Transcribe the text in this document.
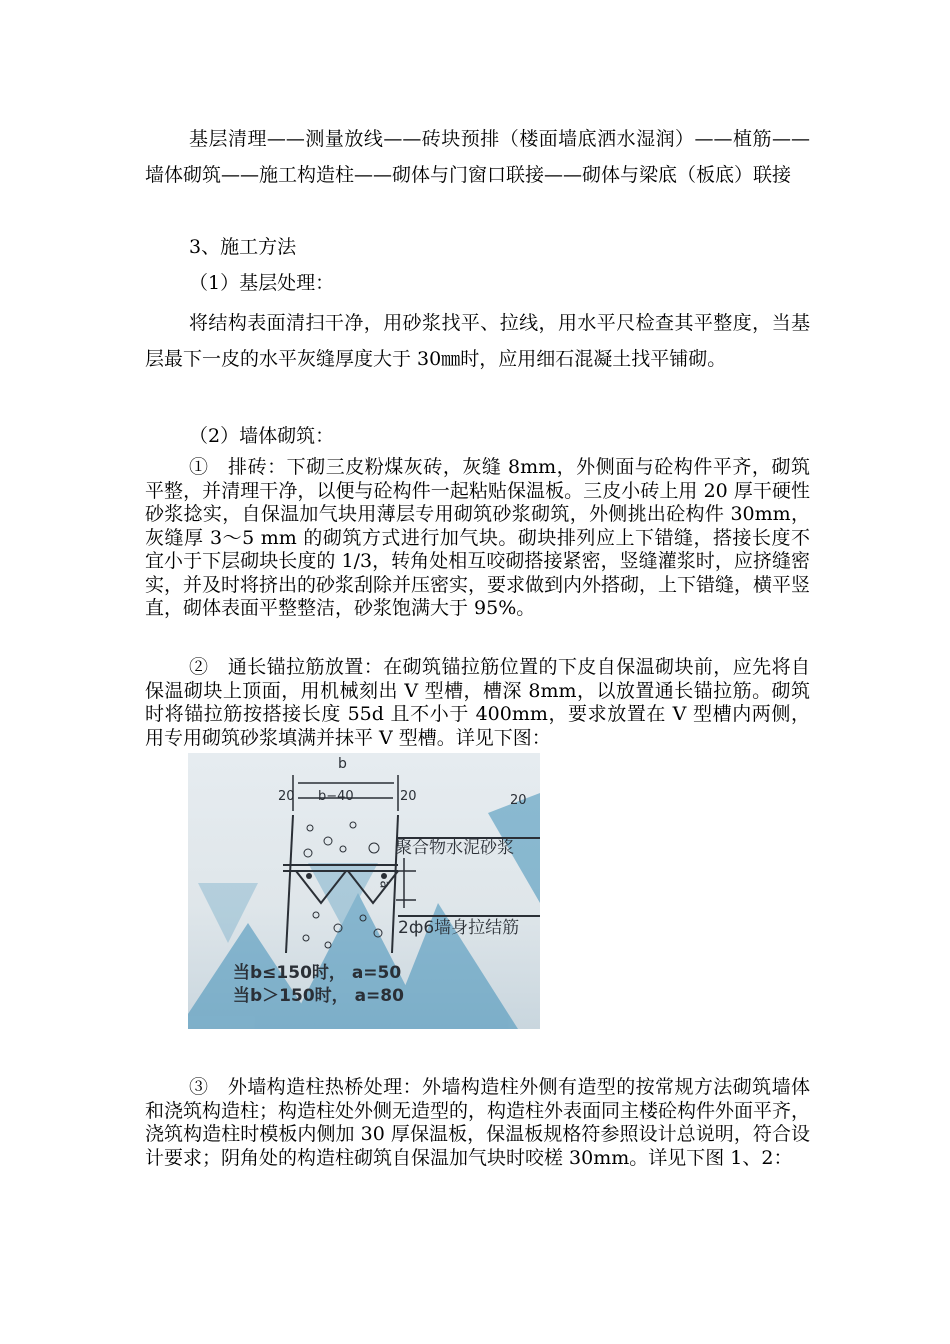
基层清理——测量放线——砖块预排（楼面墙底洒水湿润）——植筋——墙体砌筑——施工构造柱——砌体与门窗口联接——砌体与梁底（板底）联接

3、施工方法

（1）基层处理：

将结构表面清扫干净，用砂浆找平、拉线，用水平尺检查其平整度，当基层最下一皮的水平灰缝厚度大于 30㎜时，应用细石混凝土找平铺砌。

（2）墙体砌筑：

①　排砖：下砌三皮粉煤灰砖，灰缝 8mm，外侧面与砼构件平齐，砌筑平整，并清理干净，以便与砼构件一起粘贴保温板。三皮小砖上用 20 厚干硬性砂浆捻实，自保温加气块用薄层专用砌筑砂浆砌筑，外侧挑出砼构件 30mm，灰缝厚 3～5 mm 的砌筑方式进行加气块。砌块排列应上下错缝，搭接长度不宜小于下层砌块长度的 1/3，转角处相互咬砌搭接紧密，竖缝灌浆时，应挤缝密实，并及时将挤出的砂浆刮除并压密实，要求做到内外搭砌，上下错缝，横平竖直，砌体表面平整整洁，砂浆饱满大于 95%。

②　通长锚拉筋放置：在砌筑锚拉筋位置的下皮自保温砌块前，应先将自保温砌块上顶面，用机械刻出 V 型槽，槽深 8mm，以放置通长锚拉筋。砌筑时将锚拉筋按搭接长度 55d 且不小于 400mm，要求放置在 V 型槽内两侧，用专用砌筑砂浆填满并抹平 V 型槽。详见下图：

b
20 b−40	20	20
聚合物水泥砂浆
a
2ф6墙身拉结筋
当b≤150时， a=50
当b＞150时， a=80

③　外墙构造柱热桥处理：外墙构造柱外侧有造型的按常规方法砌筑墙体和浇筑构造柱；构造柱处外侧无造型的，构造柱外表面同主楼砼构件外面平齐，浇筑构造柱时模板内侧加 30 厚保温板，保温板规格符参照设计总说明，符合设计要求；阴角处的构造柱砌筑自保温加气块时咬槎 30mm。详见下图 1、2：
